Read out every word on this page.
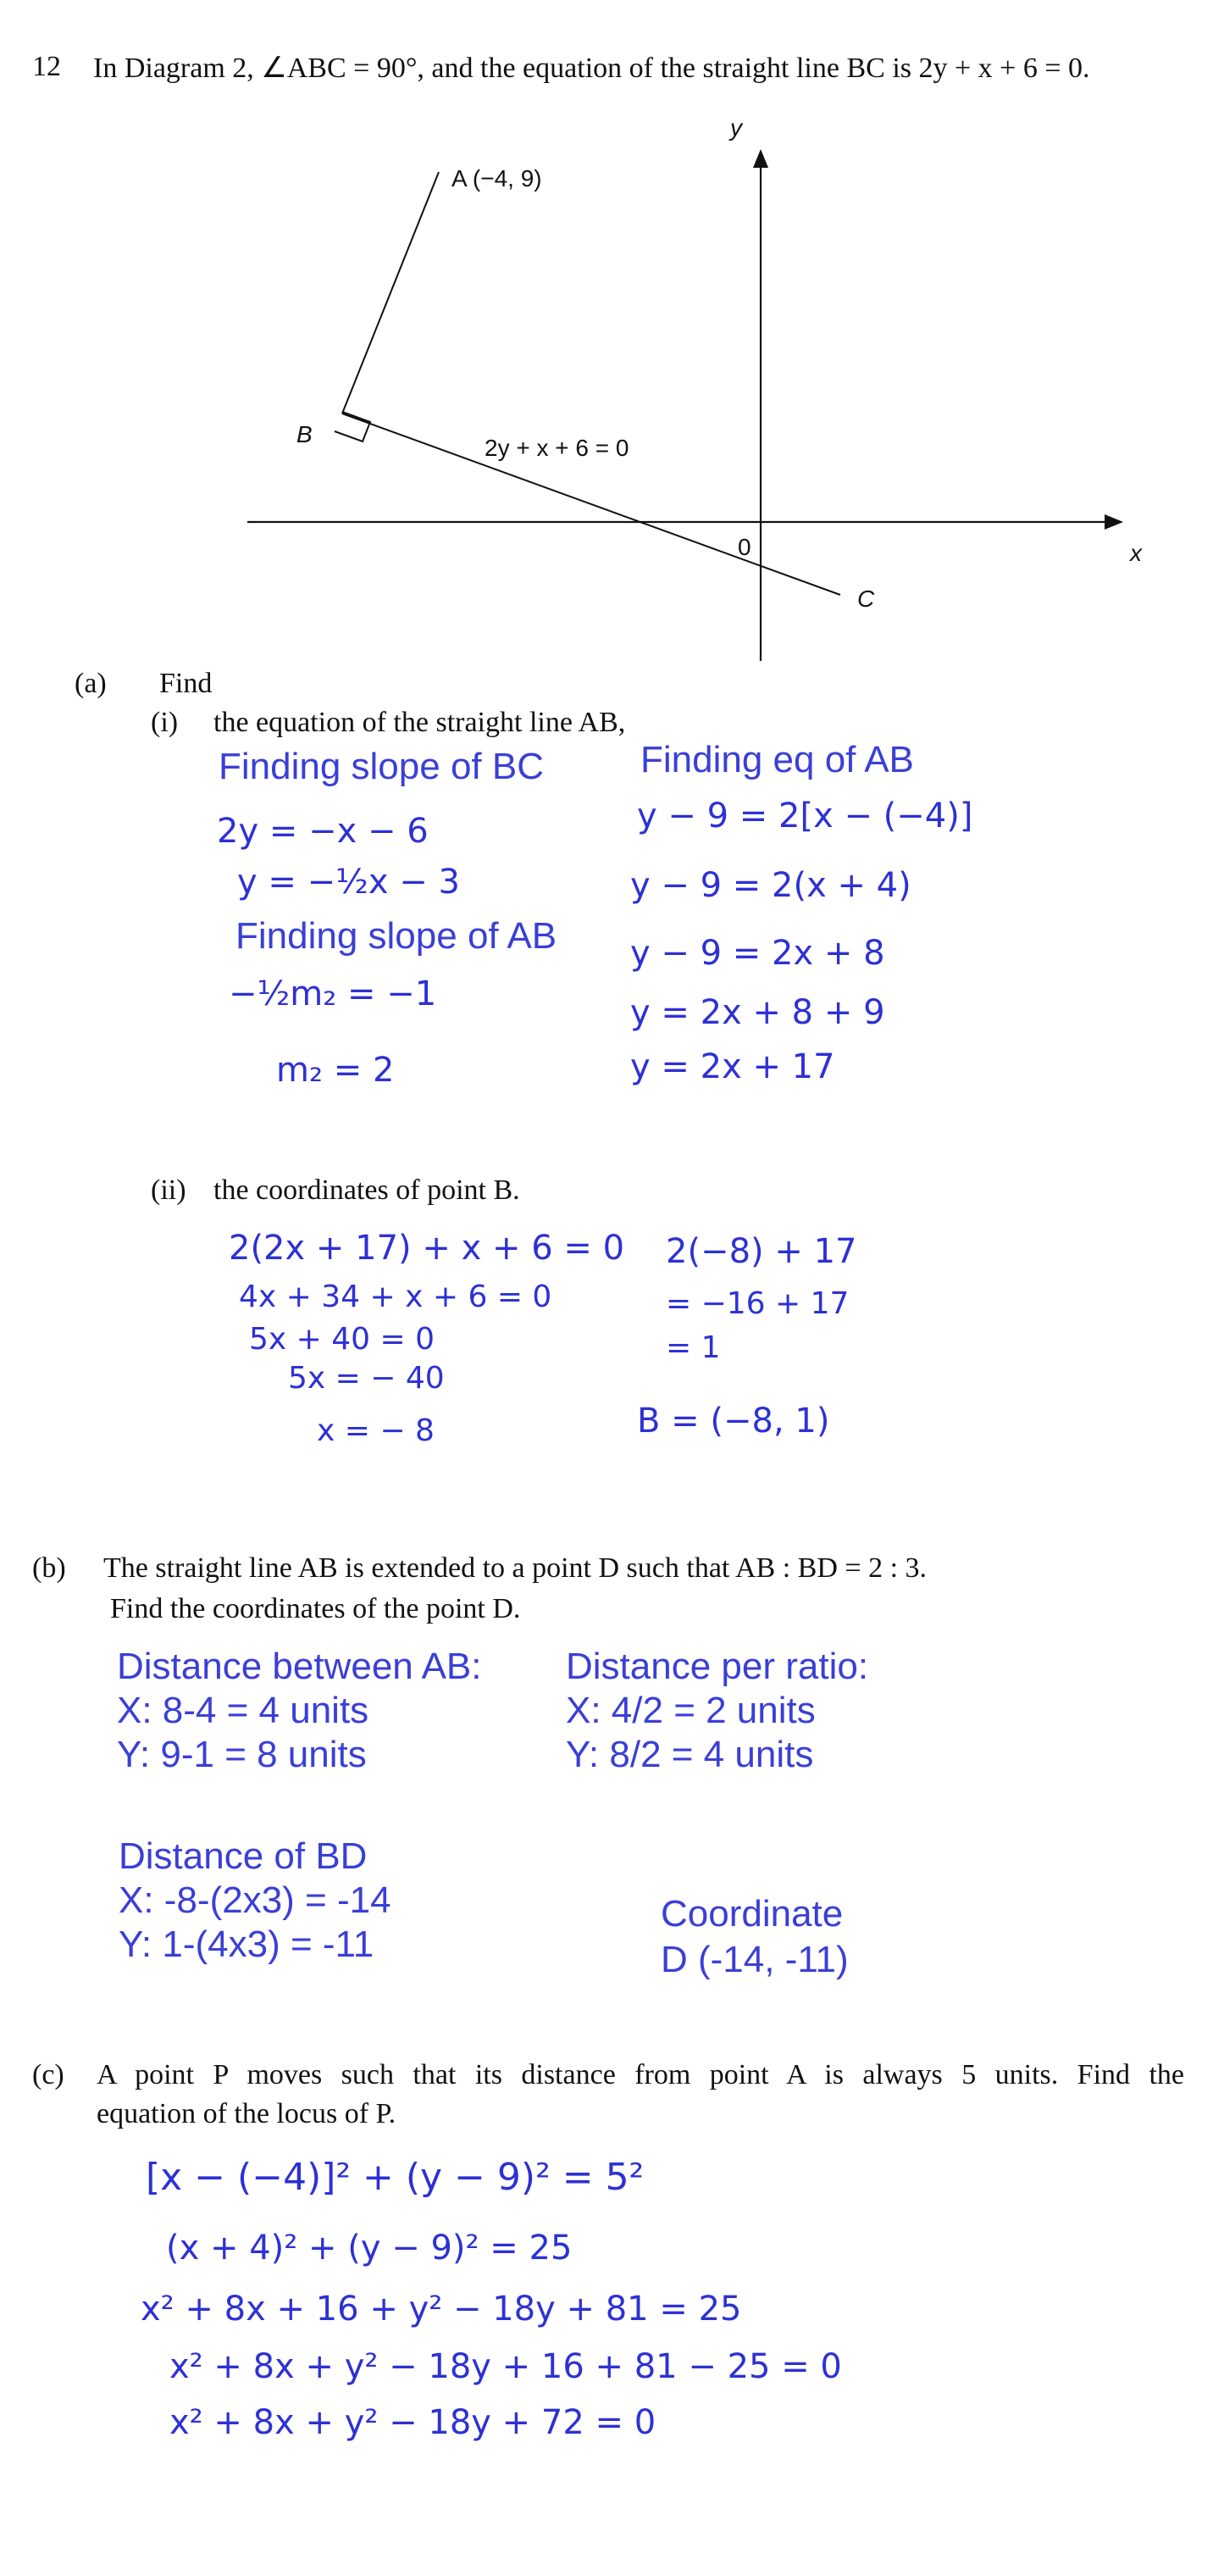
12 In Diagram 2, ∠ABC = 90°, and the equation of the straight line BC is 2y + x + 6 = 0.
A (−4, 9)
B
C
2y + x + 6 = 0
0	x
y
(a) Find
(i) the equation of the straight line AB,
Finding slope of BC
2y = −x − 6
y = −½x − 3
Finding slope of AB
−½m₂ = −1
m₂ = 2
Finding eq of AB
y − 9 = 2[x − (−4)]
y − 9 = 2(x + 4)
y − 9 = 2x + 8
y = 2x + 8 + 9
y = 2x + 17
(ii) the coordinates of point B.
2(2x + 17) + x + 6 = 0
4x + 34 + x + 6 = 0
5x + 40 = 0
5x = − 40
x = − 8
2(−8) + 17
= −16 + 17
= 1
B = (−8, 1)
(b) The straight line AB is extended to a point D such that AB : BD = 2 : 3.
Find the coordinates of the point D.
Distance between AB:
X: 8-4 = 4 units
Y: 9-1 = 8 units
Distance per ratio:
X: 4/2 = 2 units
Y: 8/2 = 4 units
Distance of BD
X: -8-(2x3) = -14
Y: 1-(4x3) = -11
Coordinate
D (-14, -11)
(c) A point P moves such that its distance from point A is always 5 units. Find the
equation of the locus of P.
[x − (−4)]² + (y − 9)² = 5²
(x + 4)² + (y − 9)² = 25
x² + 8x + 16 + y² − 18y + 81 = 25
x² + 8x + y² − 18y + 16 + 81 − 25 = 0
x² + 8x + y² − 18y + 72 = 0
